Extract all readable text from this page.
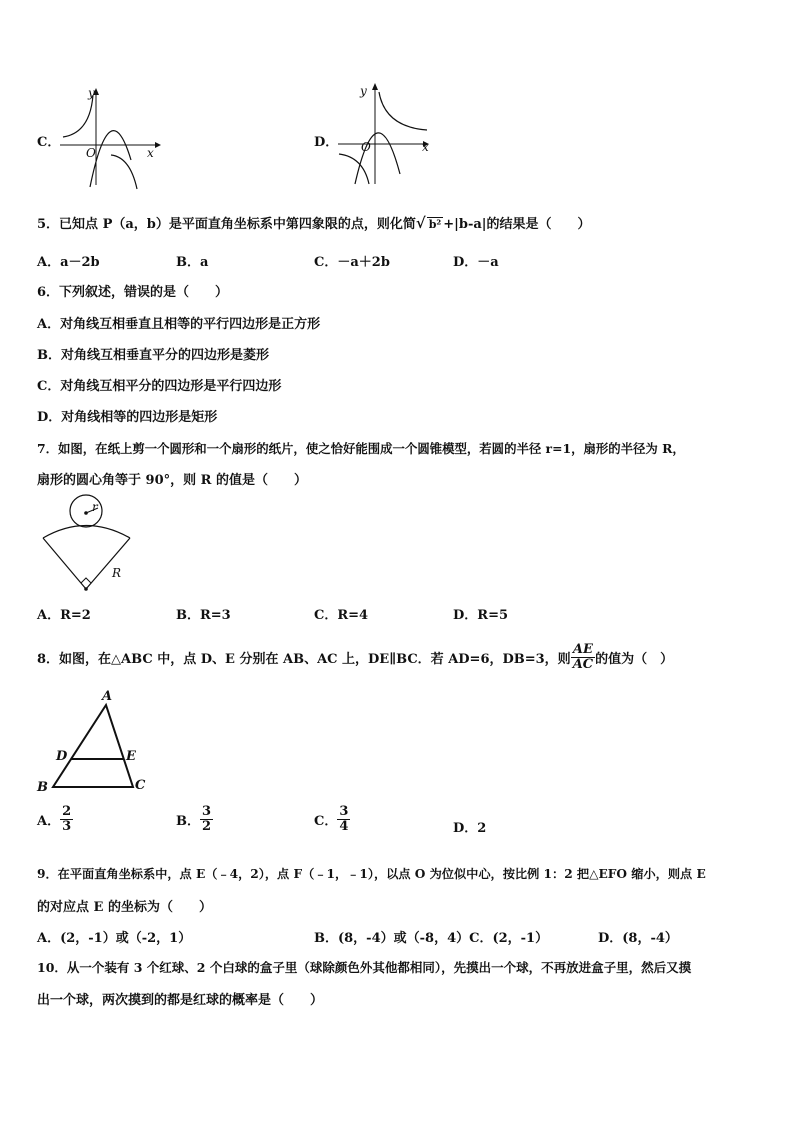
C．
y
x
O
D．
y
x
O
5．已知点 P（a，b）是平面直角坐标系中第四象限的点，则化简√ b² +|b-a|的结果是（　　）
A．a－2b	B．a	C．－a＋2b	D．－a
6．下列叙述，错误的是（　　）
A．对角线互相垂直且相等的平行四边形是正方形
B．对角线互相垂直平分的四边形是菱形
C．对角线互相平分的四边形是平行四边形
D．对角线相等的四边形是矩形
7．如图，在纸上剪一个圆形和一个扇形的纸片，使之恰好能围成一个圆锥模型，若圆的半径 r=1，扇形的半径为 R，
扇形的圆心角等于 90°，则 R 的值是（　　）
r
R
A．R=2	B．R=3	C．R=4	D．R=5
8．如图，在△ABC 中，点 D、E 分别在 AB、AC 上，DE∥BC．若 AD=6，DB=3，则 $\frac{AE}{AC}$ 的值为（　）
A
B	C
D	E
A． $\frac{2}{3}$	B． $\frac{3}{2}$	C． $\frac{3}{4}$	D．2
9．在平面直角坐标系中，点 E（﹣4，2），点 F（﹣1，﹣1），以点 O 为位似中心，按比例 1：2 把△EFO 缩小，则点 E
的对应点 E 的坐标为（　　）
A．(2，-1）或（-2，1）	B．(8，-4）或（-8，4）C．(2，-1）	D．(8，-4）
10．从一个装有 3 个红球、2 个白球的盒子里（球除颜色外其他都相同），先摸出一个球，不再放进盒子里，然后又摸
出一个球，两次摸到的都是红球的概率是（　　）
